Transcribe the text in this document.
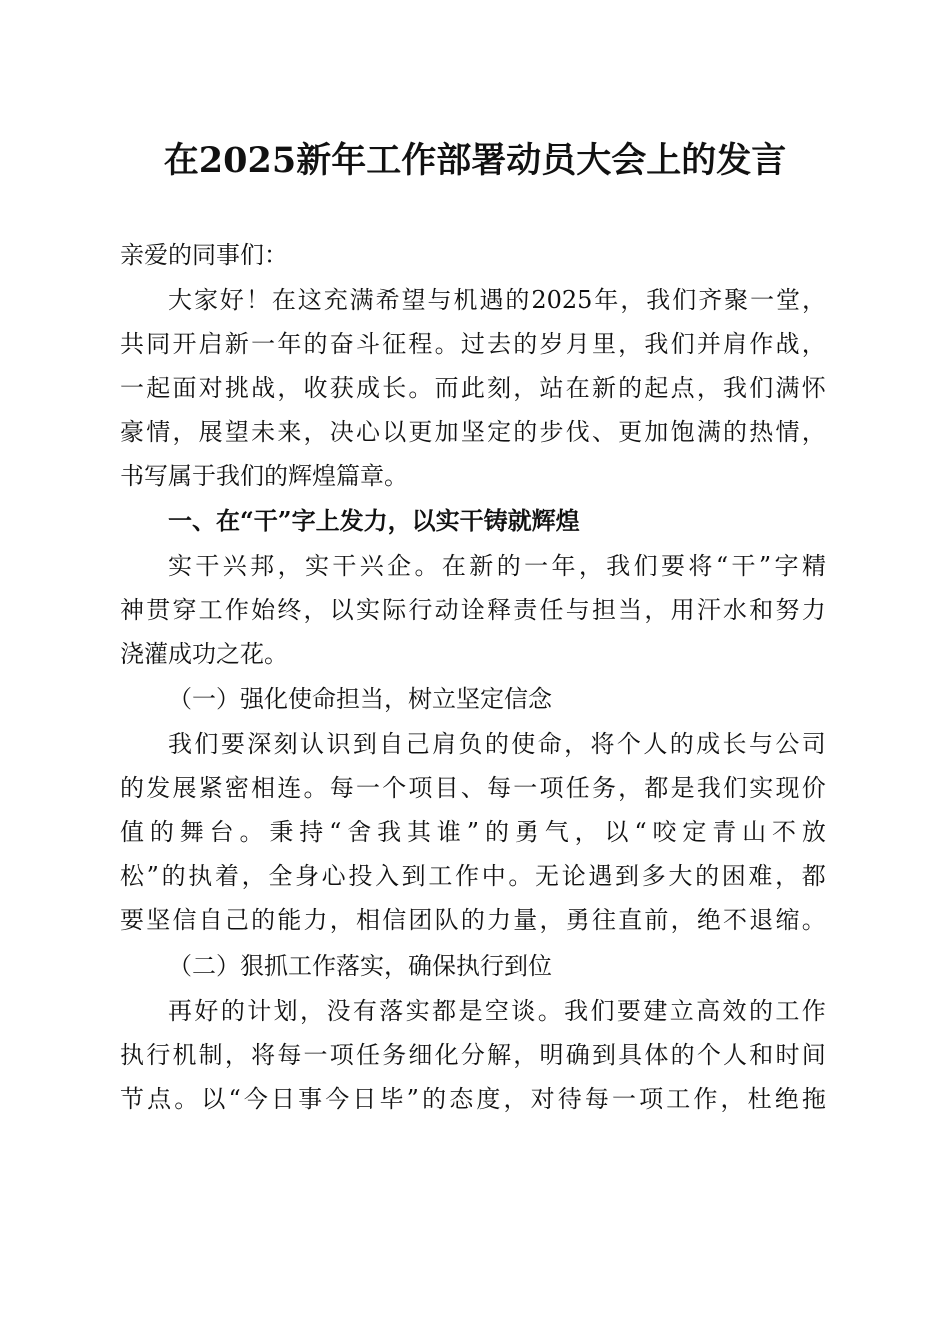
在2025新年工作部署动员大会上的发言
亲爱的同事们：
大 家 好 ！ 在 这 充 满 希 望 与 机 遇 的 2025 年 ， 我 们 齐 聚 一 堂 ，
共 同 开 启 新 一 年 的 奋 斗 征 程 。 过 去 的 岁 月 里 ， 我 们 并 肩 作 战 ，
一 起 面 对 挑 战 ， 收 获 成 长 。 而 此 刻 ， 站 在 新 的 起 点 ， 我 们 满 怀
豪 情 ， 展 望 未 来 ， 决 心 以 更 加 坚 定 的 步 伐 、 更 加 饱 满 的 热 情 ，
书写属于我们的辉煌篇章。
一、在“干”字上发力，以实干铸就辉煌
实 干 兴 邦 ， 实 干 兴 企 。 在 新 的 一 年 ， 我 们 要 将 “ 干 ” 字 精
神 贯 穿 工 作 始 终 ， 以 实 际 行 动 诠 释 责 任 与 担 当 ， 用 汗 水 和 努 力
浇灌成功之花。
（一）强化使命担当，树立坚定信念
我 们 要 深 刻 认 识 到 自 己 肩 负 的 使 命 ， 将 个 人 的 成 长 与 公 司
的 发 展 紧 密 相 连 。 每 一 个 项 目 、 每 一 项 任 务 ， 都 是 我 们 实 现 价
值 的 舞 台 。 秉 持 “ 舍 我 其 谁 ” 的 勇 气 ， 以 “ 咬 定 青 山 不 放
松 ” 的 执 着 ， 全 身 心 投 入 到 工 作 中 。 无 论 遇 到 多 大 的 困 难 ， 都
要 坚 信 自 己 的 能 力 ， 相 信 团 队 的 力 量 ， 勇 往 直 前 ， 绝 不 退 缩 。
（二）狠抓工作落实，确保执行到位
再 好 的 计 划 ， 没 有 落 实 都 是 空 谈 。 我 们 要 建 立 高 效 的 工 作
执 行 机 制 ， 将 每 一 项 任 务 细 化 分 解 ， 明 确 到 具 体 的 个 人 和 时 间
节 点 。 以 “ 今 日 事 今 日 毕 ” 的 态 度 ， 对 待 每 一 项 工 作 ， 杜 绝 拖
